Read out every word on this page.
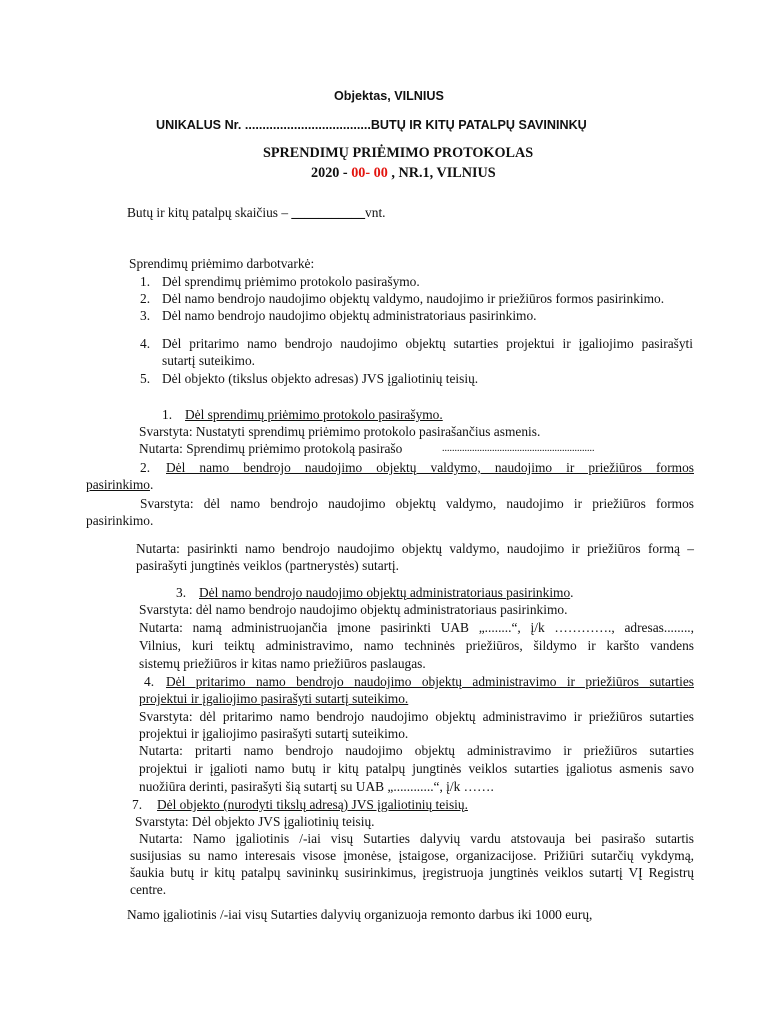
Objektas, VILNIUS
UNIKALUS Nr. ....................................BUTŲ IR KITŲ PATALPŲ SAVININKŲ
SPRENDIMŲ PRIĖMIMO PROTOKOLAS
2020 - 00- 00 , NR.1, VILNIUS
Butų ir kitų patalpų skaičius – ___________vnt.
Sprendimų priėmimo darbotvarkė:
1. Dėl sprendimų priėmimo protokolo pasirašymo.
2. Dėl namo bendrojo naudojimo objektų valdymo, naudojimo ir priežiūros formos pasirinkimo.
3. Dėl namo bendrojo naudojimo objektų administratoriaus pasirinkimo.
4. Dėl pritarimo namo bendrojo naudojimo objektų sutarties projektui ir įgaliojimo pasirašyti
sutartį suteikimo.
5. Dėl objekto (tikslus objekto adresas) JVS įgaliotinių teisių.
1. Dėl sprendimų priėmimo protokolo pasirašymo.
Svarstyta: Nustatyti sprendimų priėmimo protokolo pasirašančius asmenis.
Nutarta: Sprendimų priėmimo protokolą pasirašo	.............................................................
2. Dėl namo bendrojo naudojimo objektų valdymo, naudojimo ir priežiūros formos
pasirinkimo.
Svarstyta: dėl namo bendrojo naudojimo objektų valdymo, naudojimo ir priežiūros formos
pasirinkimo.
Nutarta: pasirinkti namo bendrojo naudojimo objektų valdymo, naudojimo ir priežiūros formą –
pasirašyti jungtinės veiklos (partnerystės) sutartį.
3. Dėl namo bendrojo naudojimo objektų administratoriaus pasirinkimo.
Svarstyta: dėl namo bendrojo naudojimo objektų administratoriaus pasirinkimo.
Nutarta: namą administruojančia įmone pasirinkti UAB „........“, į/k …………., adresas........,
Vilnius, kuri teiktų administravimo, namo techninės priežiūros, šildymo ir karšto vandens
sistemų priežiūros ir kitas namo priežiūros paslaugas.
4. Dėl pritarimo namo bendrojo naudojimo objektų administravimo ir priežiūros sutarties
projektui ir įgaliojimo pasirašyti sutartį suteikimo.
Svarstyta: dėl pritarimo namo bendrojo naudojimo objektų administravimo ir priežiūros sutarties
projektui ir įgaliojimo pasirašyti sutartį suteikimo.
Nutarta: pritarti namo bendrojo naudojimo objektų administravimo ir priežiūros sutarties
projektui ir įgalioti namo butų ir kitų patalpų jungtinės veiklos sutarties įgaliotus asmenis savo
nuožiūra derinti, pasirašyti šią sutartį su UAB „............“, į/k …….
7. Dėl objekto (nurodyti tikslų adresą) JVS įgaliotinių teisių.
Svarstyta: Dėl objekto JVS įgaliotinių teisių.
Nutarta: Namo įgaliotinis /-iai visų Sutarties dalyvių vardu atstovauja bei pasirašo sutartis
susijusias su namo interesais visose įmonėse, įstaigose, organizacijose. Prižiūri sutarčių vykdymą,
šaukia butų ir kitų patalpų savininkų susirinkimus, įregistruoja jungtinės veiklos sutartį VĮ Registrų
centre.
Namo įgaliotinis /-iai visų Sutarties dalyvių organizuoja remonto darbus iki 1000 eurų,
